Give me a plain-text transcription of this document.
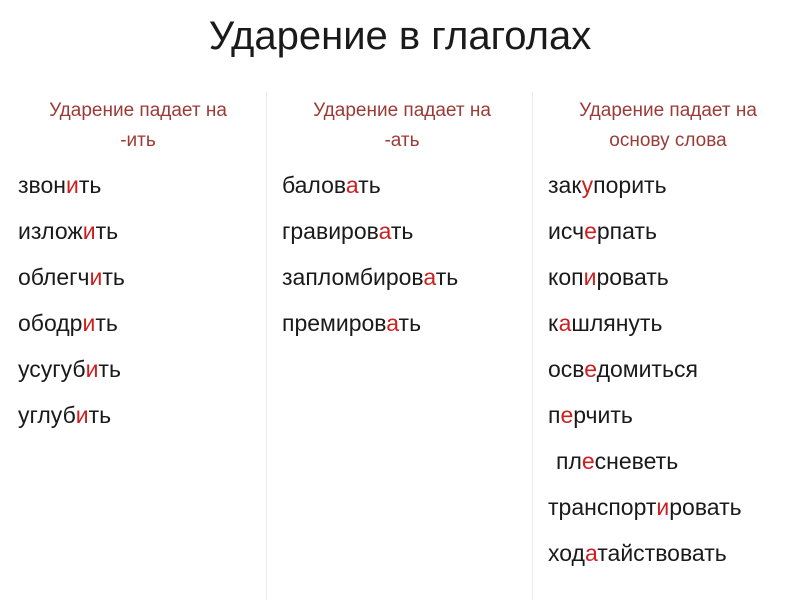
Ударение в глаголах
Ударение падает на
-ить
звонить
изложить
облегчить
ободрить
усугубить
углубить
Ударение падает на
-ать
баловать
гравировать
запломбировать
премировать
Ударение падает на
основу слова
закупорить
исчерпать
копировать
кашлянуть
осведомиться
перчить
плесневеть
транспортировать
ходатайствовать
